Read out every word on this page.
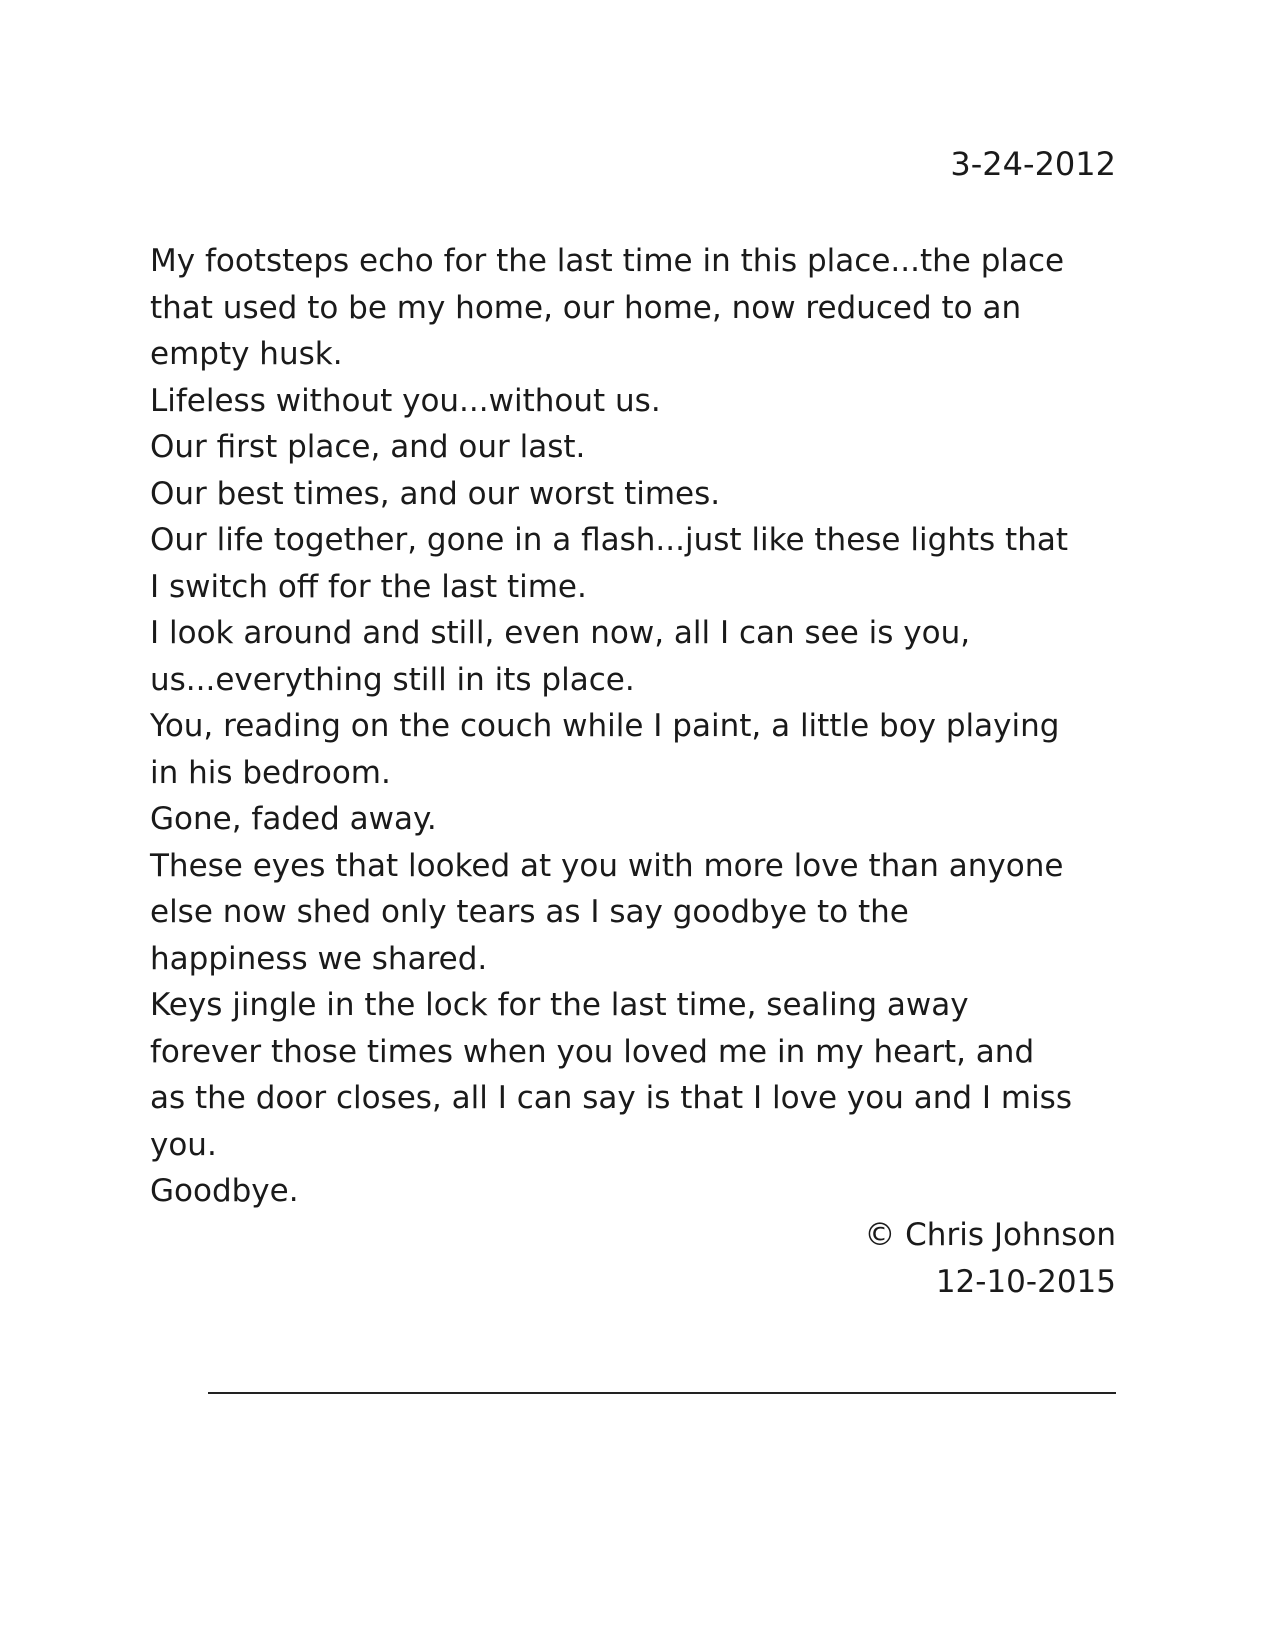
3-24-2012
My footsteps echo for the last time in this place...the place
that used to be my home, our home, now reduced to an
empty husk.
Lifeless without you...without us.
Our first place, and our last.
Our best times, and our worst times.
Our life together, gone in a flash...just like these lights that
I switch off for the last time.
I look around and still, even now, all I can see is you,
us...everything still in its place.
You, reading on the couch while I paint, a little boy playing
in his bedroom.
Gone, faded away.
These eyes that looked at you with more love than anyone
else now shed only tears as I say goodbye to the
happiness we shared.
Keys jingle in the lock for the last time, sealing away
forever those times when you loved me in my heart, and
as the door closes, all I can say is that I love you and I miss
you.
Goodbye.
© Chris Johnson
12-10-2015
